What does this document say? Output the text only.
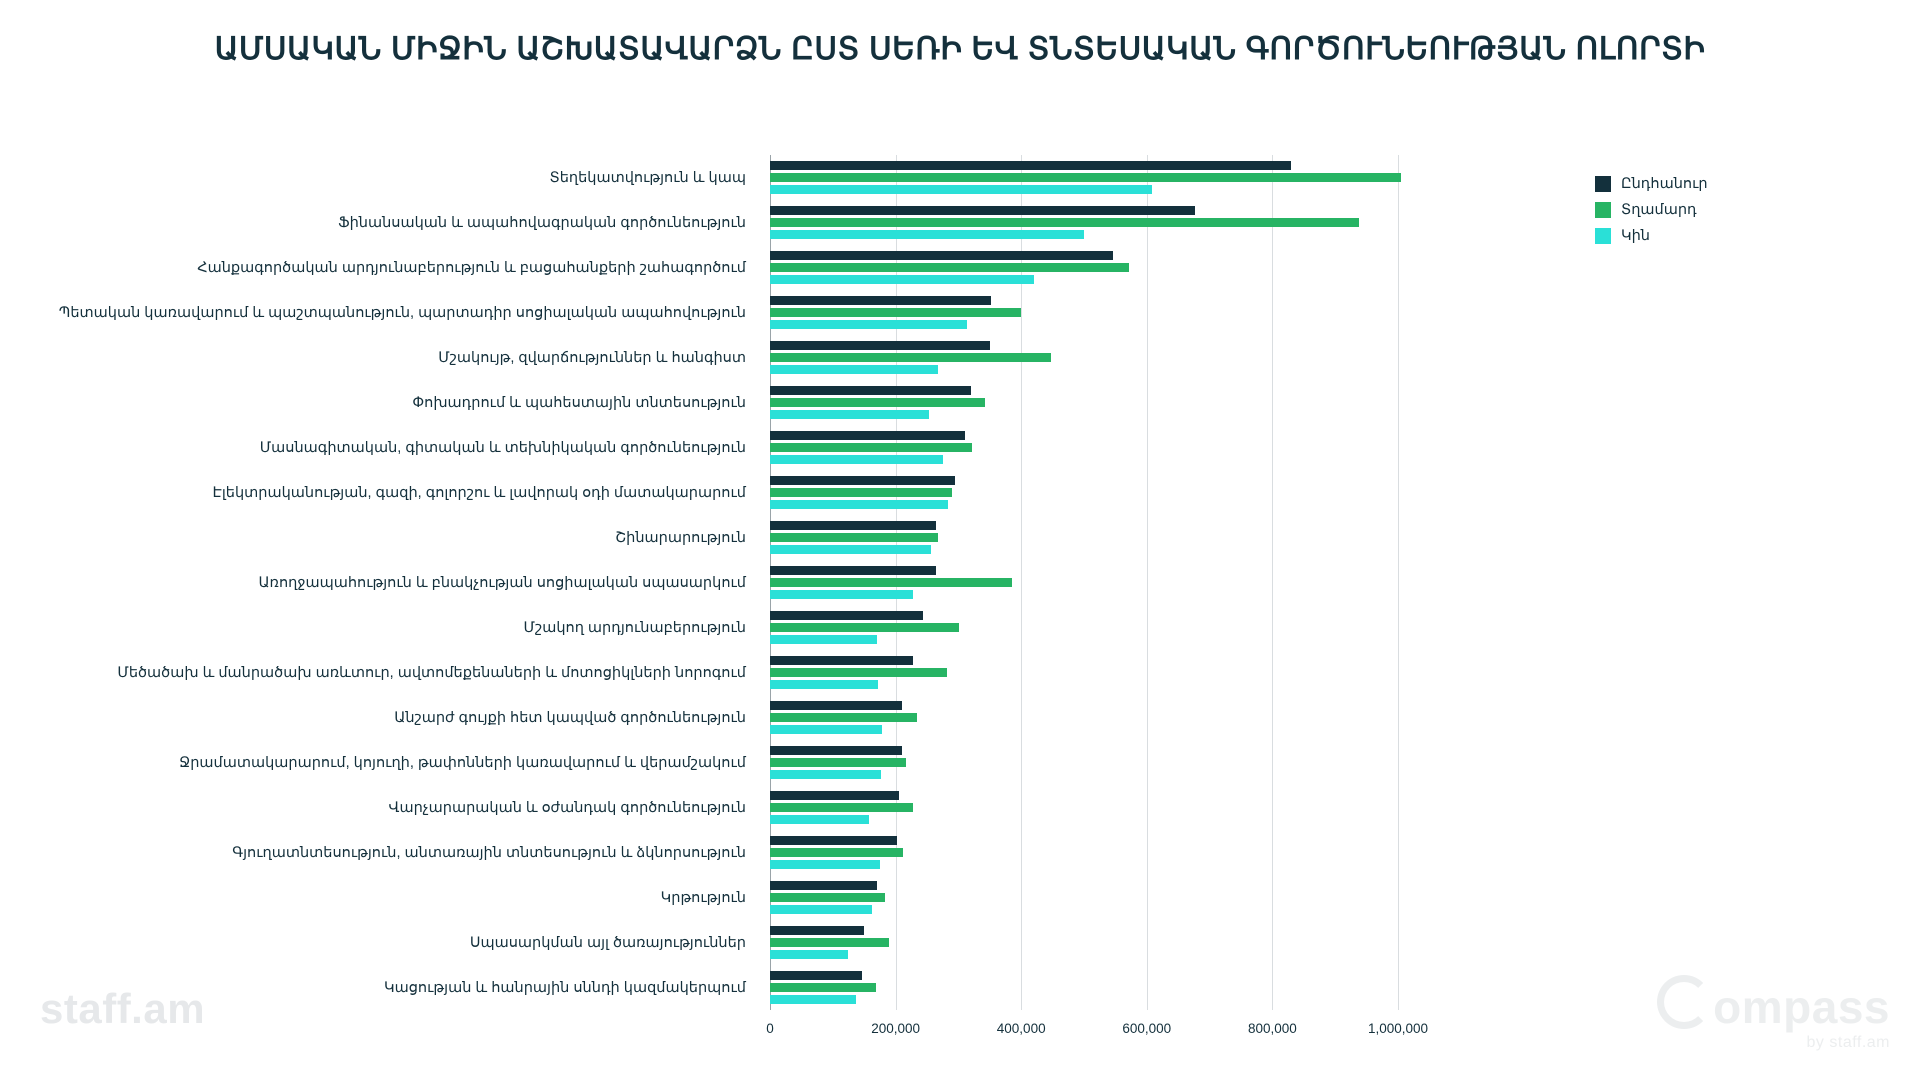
ԱՄՍԱԿԱՆ ՄԻՋԻՆ ԱՇԽԱՏԱՎԱՐՁՆ ԸՍՏ ՍԵՌԻ ԵՎ ՏՆՏԵՍԱԿԱՆ ԳՈՐԾՈՒՆԵՈՒԹՅԱՆ ՈԼՈՐՏԻ
Տեղեկատվություն և կապ
Ֆինանսական և ապահովագրական գործունեություն
Հանքագործական արդյունաբերություն և բացահանքերի շահագործում
Պետական կառավարում և պաշտպանություն, պարտադիր սոցիալական ապահովություն
Մշակույթ, զվարճություններ և հանգիստ
Փոխադրում և պահեստային տնտեսություն
Մասնագիտական, գիտական և տեխնիկական գործունեություն
Էլեկտրականության, գազի, գոլորշու և լավորակ օդի մատակարարում
Շինարարություն
Առողջապահություն և բնակչության սոցիալական սպասարկում
Մշակող արդյունաբերություն
Մեծածախ և մանրածախ առևտուր, ավտոմեքենաների և մոտոցիկլների նորոգում
Անշարժ գույքի հետ կապված գործունեություն
Ջրամատակարարում, կոյուղի, թափոնների կառավարում և վերամշակում
Վարչարարական և օժանդակ գործունեություն
Գյուղատնտեսություն, անտառային տնտեսություն և ձկնորսություն
Կրթություն
Սպասարկման այլ ծառայություններ
Կացության և հանրային սննդի կազմակերպում
0	200,000	400,000	600,000	800,000	1,000,000
Ընդհանուր
Տղամարդ
Կին
staff.am	ompass
by staff.am
